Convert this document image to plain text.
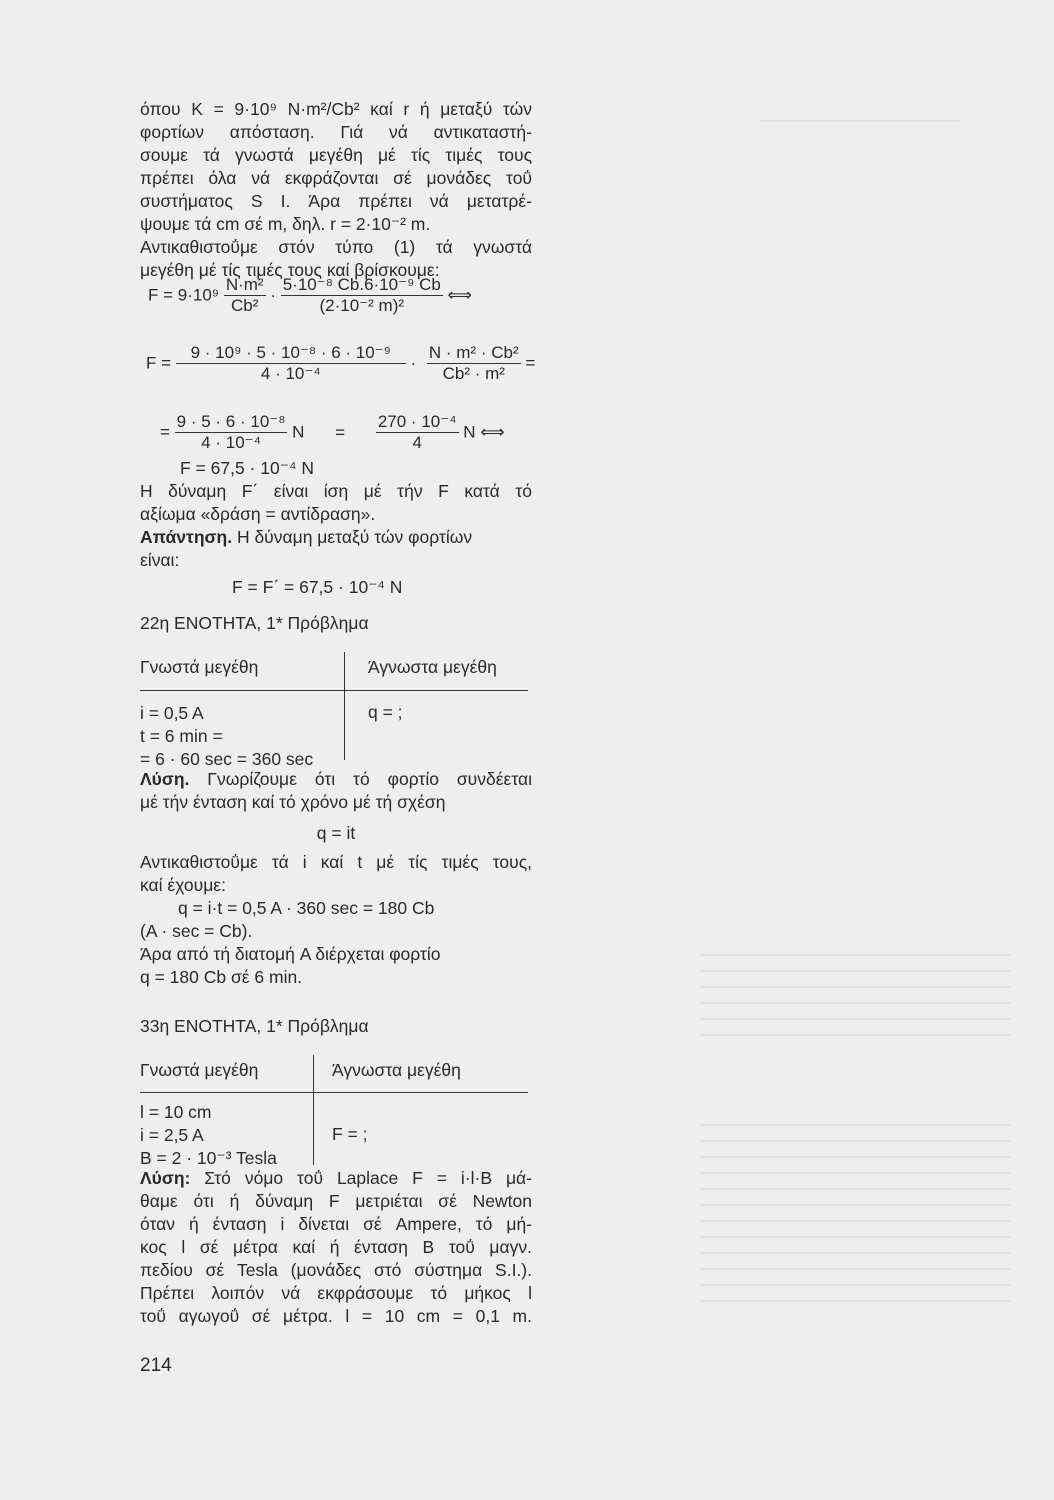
όπου K = 9·10⁹ N·m²/Cb² καί r ή μεταξύ τών
φορτίων απόσταση. Γιά νά αντικαταστή-
σουμε τά γνωστά μεγέθη μέ τίς τιμές τους
πρέπει όλα νά εκφράζονται σέ μονάδες τοΰ
συστήματος S I. Άρα πρέπει νά μετατρέ-
ψουμε τά cm σέ m, δηλ. r = 2·10⁻² m.
Αντικαθιστοΰμε στόν τύπο (1) τά γνωστά
μεγέθη μέ τίς τιμές τους καί βρίσκουμε:
$F = 9\cdot 10^9 \frac{\text{N·m²}}{\text{Cb²}} \cdot \frac{\text{5·10⁻⁸ Cb.6·10⁻⁹ Cb}}{\text{(2·10⁻² m)²}}$ ⟺
$F = \frac{\text{9 · 10⁹ · 5 · 10⁻⁸ · 6 · 10⁻⁹}}{\text{4 · 10⁻⁴}} \cdot \frac{\text{N · m² · Cb²}}{\text{Cb² · m²}}$ =
= $\frac{\text{9 · 5 · 6 · 10⁻⁸}}{\text{4 · 10⁻⁴}}$ $N = \frac{\text{270 · 10⁻⁴}}{4}$ N ⟺
F = 67,5 · 10⁻⁴ N
Η δύναμη F΄ είναι ίση μέ τήν F κατά τό
αξίωμα «δράση = αντίδραση».
Απάντηση. Η δύναμη μεταξύ τών φορτίων
είναι:
F = F΄ = 67,5 · 10⁻⁴ N
22η ΕΝΟΤΗΤΑ, 1* Πρόβλημα
Γνωστά μεγέθη	Άγνωστα μεγέθη
i = 0,5 A
t = 6 min =
= 6 · 60 sec = 360 sec
q = ;
Λύση. Γνωρίζουμε ότι τό φορτίο συνδέεται
μέ τήν ένταση καί τό χρόνο μέ τή σχέση
q = it
Αντικαθιστοΰμε τά i καί t μέ τίς τιμές τους,
καί έχουμε:
q = i·t = 0,5 A · 360 sec = 180 Cb
(A · sec = Cb).
Άρα από τή διατομή A διέρχεται φορτίο
q = 180 Cb σέ 6 min.
33η ΕΝΟΤΗΤΑ, 1* Πρόβλημα
Γνωστά μεγέθη	Άγνωστα μεγέθη
l = 10 cm
i = 2,5 A
B = 2 · 10⁻³ Tesla
F = ;
Λύση: Στό νόμο τοΰ Laplace F = i·l·B μά-
θαμε ότι ή δύναμη F μετριέται σέ Newton
όταν ή ένταση i δίνεται σέ Ampere, τό μή-
κος l σέ μέτρα καί ή ένταση B τοΰ μαγν.
πεδίου σέ Tesla (μονάδες στό σύστημα S.I.).
Πρέπει λοιπόν νά εκφράσουμε τό μήκος l
τοΰ αγωγοΰ σέ μέτρα. l = 10 cm = 0,1 m.
214
